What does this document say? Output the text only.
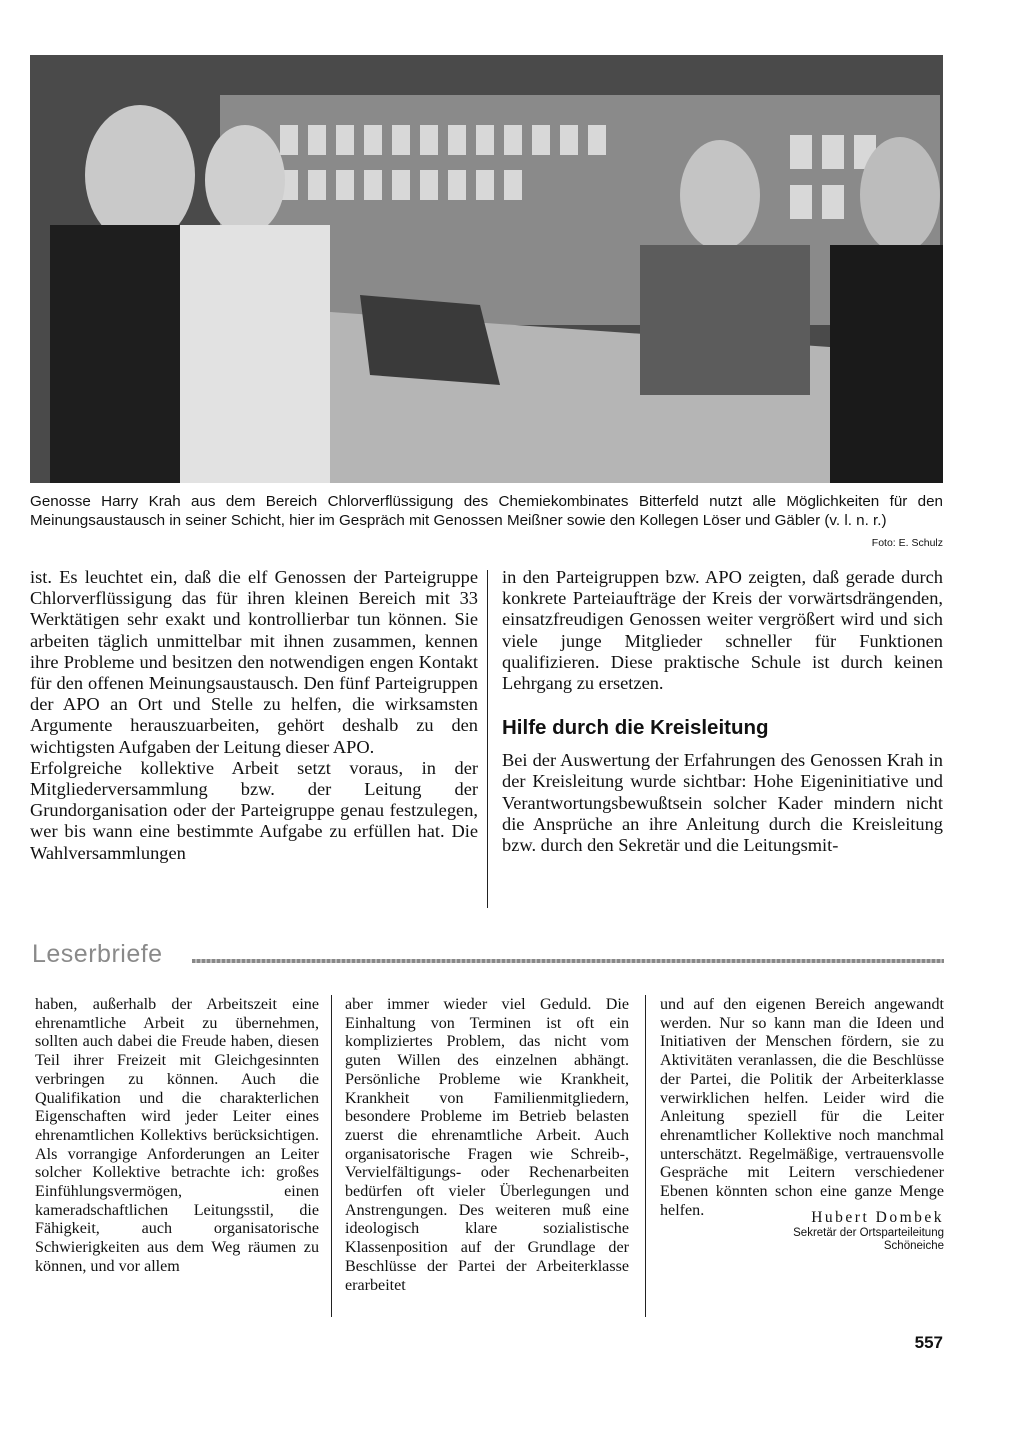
Genosse Harry Krah aus dem Bereich Chlorverflüssigung des Chemiekombinates Bitterfeld nutzt alle Möglichkeiten für den Meinungsaustausch in seiner Schicht, hier im Gespräch mit Genossen Meißner sowie den Kollegen Löser und Gäbler (v. l. n. r.)

Foto: E. Schulz

ist. Es leuchtet ein, daß die elf Genossen der Parteigruppe Chlorverflüssigung das für ihren kleinen Bereich mit 33 Werktätigen sehr exakt und kontrollierbar tun können. Sie arbeiten täglich unmittelbar mit ihnen zusammen, kennen ihre Probleme und besitzen den notwendigen engen Kontakt für den offenen Meinungsaustausch. Den fünf Parteigruppen der APO an Ort und Stelle zu helfen, die wirksamsten Argumente herauszuarbeiten, gehört deshalb zu den wichtigsten Aufgaben der Leitung dieser APO.

Erfolgreiche kollektive Arbeit setzt voraus, in der Mitgliederversammlung bzw. der Leitung der Grundorganisation oder der Parteigruppe genau festzulegen, wer bis wann eine bestimmte Aufgabe zu erfüllen hat. Die Wahlversammlungen

in den Parteigruppen bzw. APO zeigten, daß gerade durch konkrete Parteiaufträge der Kreis der vorwärtsdrängenden, einsatzfreudigen Genossen weiter vergrößert wird und sich viele junge Mitglieder schneller für Funktionen qualifizieren. Diese praktische Schule ist durch keinen Lehrgang zu ersetzen.

Hilfe durch die Kreisleitung

Bei der Auswertung der Erfahrungen des Genossen Krah in der Kreisleitung wurde sichtbar: Hohe Eigeninitiative und Verantwortungsbewußtsein solcher Kader mindern nicht die Ansprüche an ihre Anleitung durch die Kreisleitung bzw. durch den Sekretär und die Leitungsmit-

Leserbriefe

haben, außerhalb der Arbeitszeit eine ehrenamtliche Arbeit zu übernehmen, sollten auch dabei die Freude haben, diesen Teil ihrer Freizeit mit Gleichgesinnten verbringen zu können. Auch die Qualifikation und die charakterlichen Eigenschaften wird jeder Leiter eines ehrenamtlichen Kollektivs berücksichtigen. Als vorrangige Anforderungen an Leiter solcher Kollektive betrachte ich: großes Einfühlungsvermögen, einen kameradschaftlichen Leitungsstil, die Fähigkeit, auch organisatorische Schwierigkeiten aus dem Weg räumen zu können, und vor allem

aber immer wieder viel Geduld. Die Einhaltung von Terminen ist oft ein kompliziertes Problem, das nicht vom guten Willen des einzelnen abhängt. Persönliche Probleme wie Krankheit, Krankheit von Familienmitgliedern, besondere Probleme im Betrieb belasten zuerst die ehrenamtliche Arbeit. Auch organisatorische Fragen wie Schreib-, Vervielfältigungs- oder Rechenarbeiten bedürfen oft vieler Überlegungen und Anstrengungen. Des weiteren muß eine ideologisch klare sozialistische Klassenposition auf der Grundlage der Beschlüsse der Partei der Arbeiterklasse erarbeitet

und auf den eigenen Bereich angewandt werden. Nur so kann man die Ideen und Initiativen der Menschen fördern, sie zu Aktivitäten veranlassen, die die Beschlüsse der Partei, die Politik der Arbeiterklasse verwirklichen helfen. Leider wird die Anleitung speziell für die Leiter ehrenamtlicher Kollektive noch manchmal unterschätzt. Regelmäßige, vertrauensvolle Gespräche mit Leitern verschiedener Ebenen könnten schon eine ganze Menge helfen.	Hubert Dombek
Sekretär der Ortsparteileitung
Schöneiche
557
